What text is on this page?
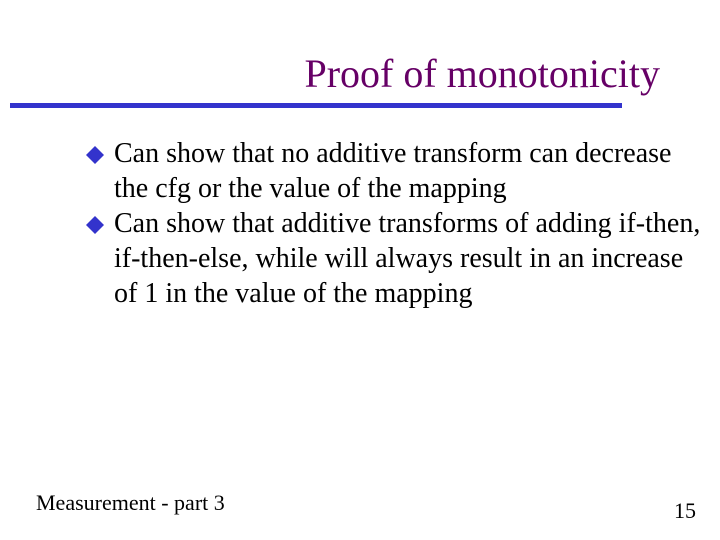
Proof of monotonicity
Can show that no additive transform can decrease the cfg or the value of the mapping
Can show that additive transforms of adding if-then, if-then-else, while will always result in an increase of 1 in the value of the mapping
Measurement - part 3	15
